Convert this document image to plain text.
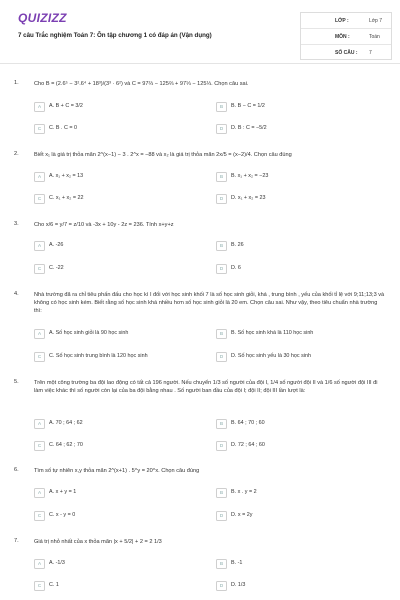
QUIZIZZ
7 câu Trắc nghiệm Toán 7: Ôn tập chương 1 có đáp án (Vận dụng)
LỚP :	Lớp 7
MÔN :	Toán
SỐ CÂU : 7
1.	Cho B = (2.6⁵ − 3².6⁴ + 18³)/(3³ · 6²) và C = 97⅔ − 125⅔ + 97⅓ − 125⅓. Chọn câu sai.
A	A. B + C = 3/2	B	B. B − C = 1/2
C	C. B . C = 0	D	D. B : C = −5/2
2.	Biết x₁ là giá trị thỏa mãn 2^(x−1) − 3 . 2^x = −88 và x₂ là giá trị thỏa mãn 2x/5 = (x−2)/4. Chọn câu đúng
A	A. x₁ + x₂ = 13	B	B. x₁ + x₂ = −23
C	C. x₁ + x₂ = 22	D	D. x₁ + x₂ = 23
3.	Cho x/6 = y/7 = z/10 và -3x + 10y - 2z = 236. Tính x+y+z
A	A. -26	B	B. 26
C	C. -22	D	D. 6
4.	Nhà trường đã ra chỉ tiêu phấn đấu cho học kì I đối với học sinh khối 7 là số học sinh giỏi, khá , trung bình , yếu của khối tỉ lệ với 9;11;13;3 và không có học sinh kém. Biết rằng số học sinh khá nhiều hơn số học sinh giỏi là 20 em. Chọn câu sai. Như vậy, theo tiêu chuẩn nhà trường thì:
A	A. Số học sinh giỏi là 90 học sinh	B	B. Số học sinh khá là 110 học sinh
C	C. Số học sinh trung bình là 120 học sinh	D	D. Số học sinh yếu là 30 học sinh
5.	Trên một công trường ba đội lao động có tất cả 196 người. Nếu chuyển 1/3 số người của đội I, 1/4 số người đội II và 1/6 số người đội III đi làm việc khác thì số người còn lại của ba đội bằng nhau . Số người ban đầu của đội I; đội II; đội III lần lượt là:
A	A. 70 ; 64 ; 62	B	B. 64 ; 70 ; 60
C	C. 64 ; 62 ; 70	D	D. 72 ; 64 ; 60
6.	Tìm số tự nhiên x,y thỏa mãn 2^(x+1) . 5^y = 20^x. Chọn câu đúng
A	A. x + y = 1	B	B. x . y = 2
C	C. x - y = 0	D	D. x = 2y
7.	Giá trị nhỏ nhất của x thỏa mãn |x + 5/2| + 2 = 2 1/3
A	A. -1/3	B	B. -1
C	C. 1	D	D. 1/3
